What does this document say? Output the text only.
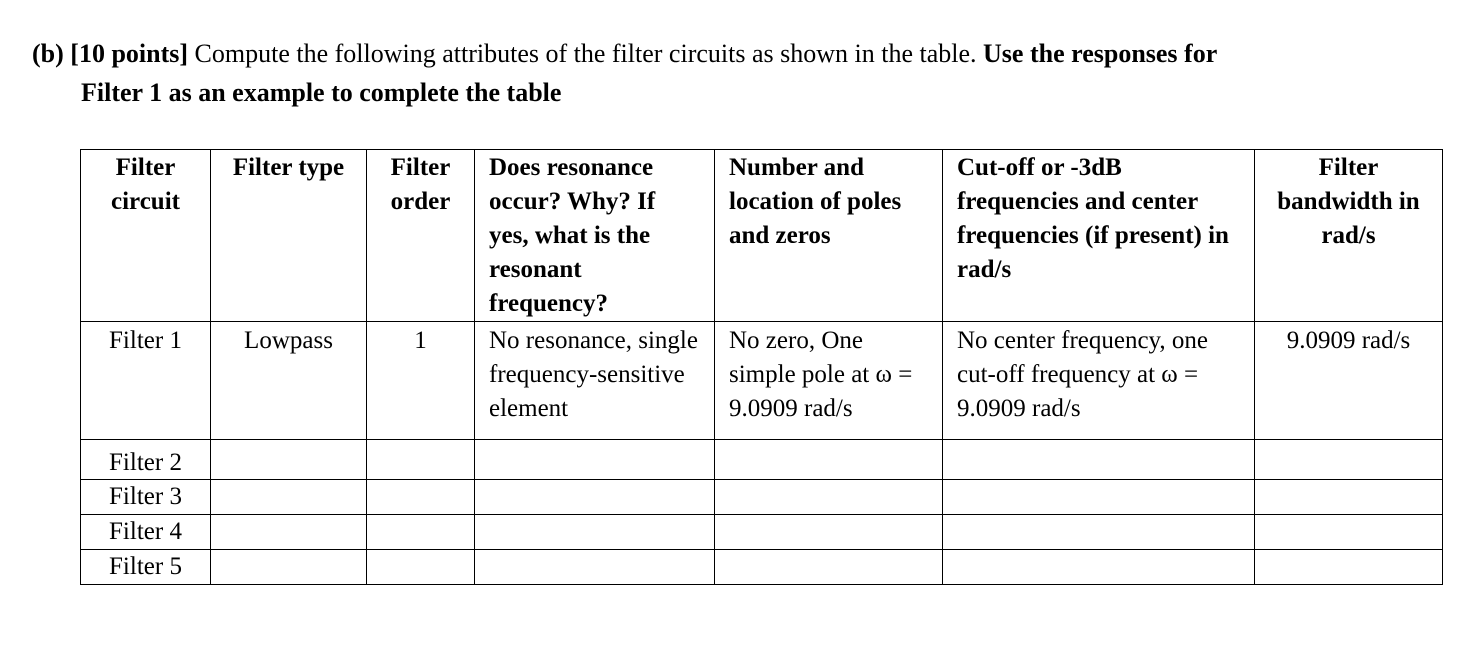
(b) [10 points] Compute the following attributes of the filter circuits as shown in the table. Use the responses for
Filter 1 as an example to complete the table
Filter circuit	Filter type	Filter order	Does resonance occur? Why? If yes, what is the resonant frequency?	Number and location of poles and zeros	Cut-off or -3dB frequencies and center frequencies (if present) in rad/s	Filter bandwidth in rad/s
Filter 1	Lowpass	1	No resonance, single frequency-sensitive element	No zero, One simple pole at ω = 9.0909 rad/s	No center frequency, one cut-off frequency at ω = 9.0909 rad/s	9.0909 rad/s
Filter 2						
Filter 3						
Filter 4						
Filter 5						
